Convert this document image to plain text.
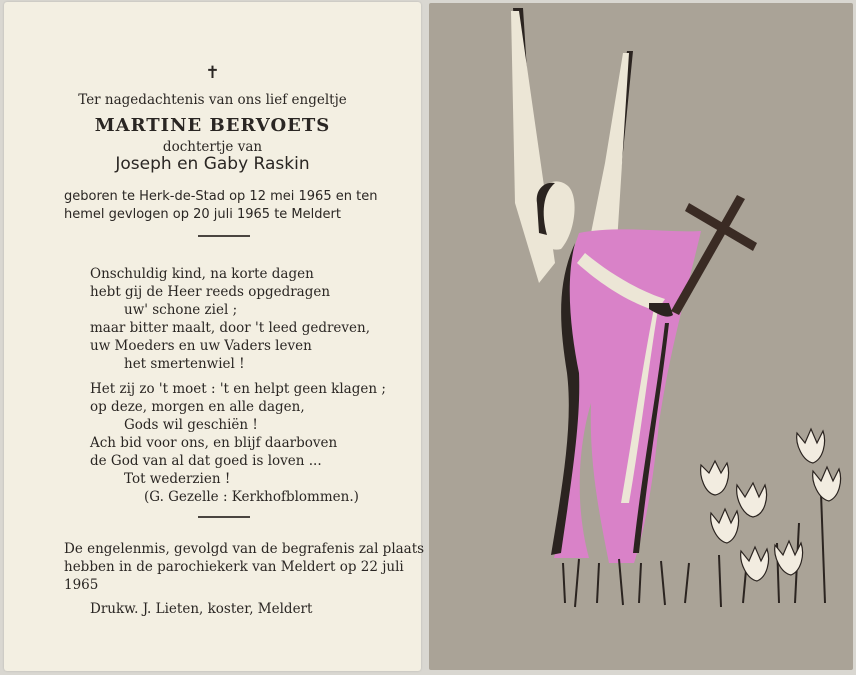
✝
Ter nagedachtenis van ons lief engeltje
MARTINE BERVOETS
dochtertje van
Joseph en Gaby Raskin
geboren te Herk-de-Stad op 12 mei 1965 en ten
hemel gevlogen op 20 juli 1965 te Meldert
Onschuldig kind, na korte dagen
hebt gij de Heer reeds opgedragen
uw' schone ziel ;
maar bitter maalt, door 't leed gedreven,
uw Moeders en uw Vaders leven
het smertenwiel !
Het zij zo 't moet : 't en helpt geen klagen ;
op deze, morgen en alle dagen,
Gods wil geschiën !
Ach bid voor ons, en blijf daarboven
de God van al dat goed is loven ...
Tot wederzien !
(G. Gezelle : Kerkhofblommen.)
De engelenmis, gevolgd van de begrafenis zal plaats
hebben in de parochiekerk van Meldert op 22 juli
1965
Drukw. J. Lieten, koster, Meldert
